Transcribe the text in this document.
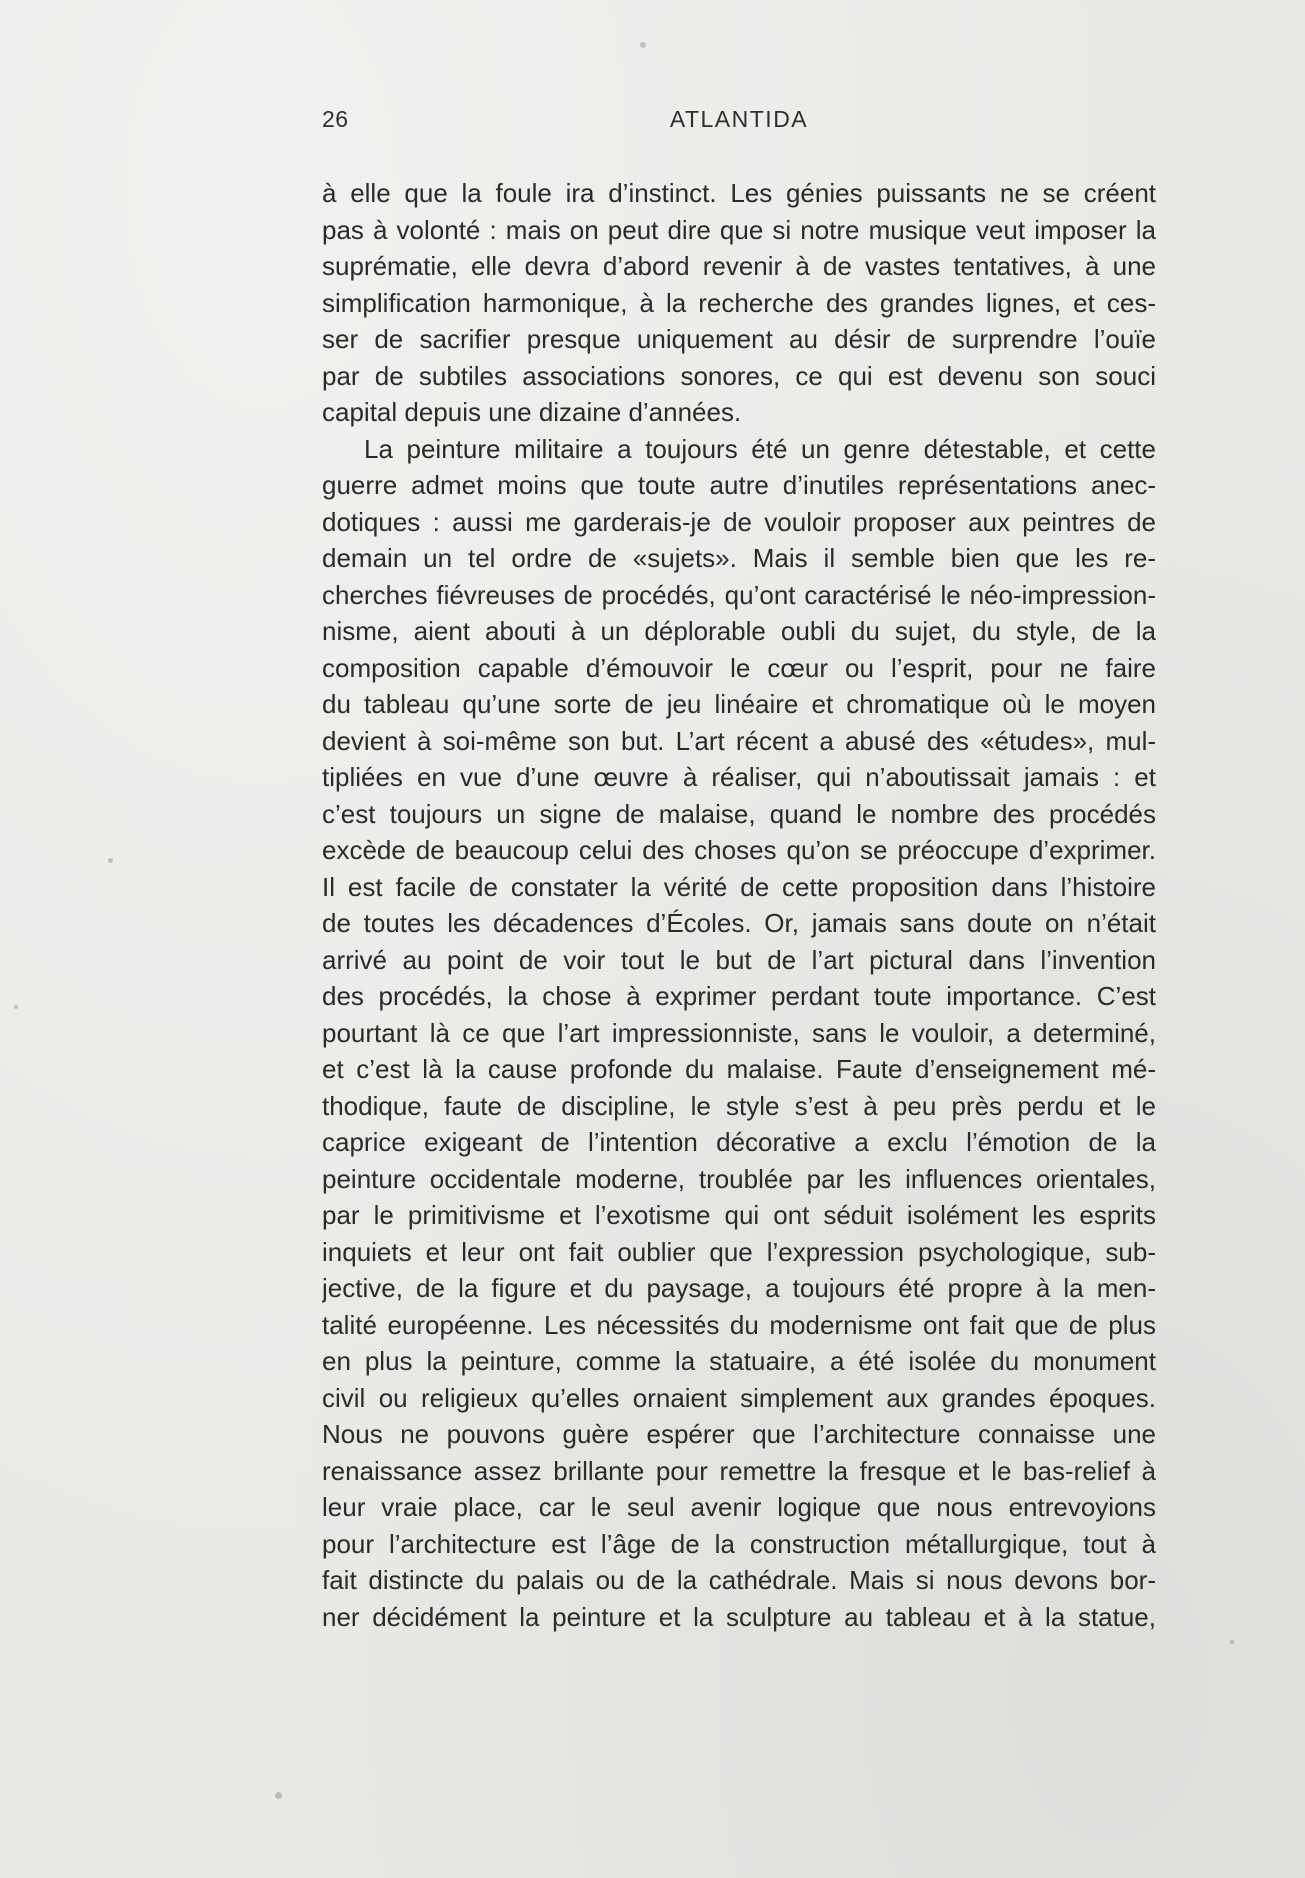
26	ATLANTIDA
à elle que la foule ira d’instinct. Les génies puissants ne se créent
pas à volonté : mais on peut dire que si notre musique veut imposer la
suprématie, elle devra d’abord revenir à de vastes tentatives, à une
simplification harmonique, à la recherche des grandes lignes, et ces-
ser de sacrifier presque uniquement au désir de surprendre l’ouïe
par de subtiles associations sonores, ce qui est devenu son souci
capital depuis une dizaine d’années.
La peinture militaire a toujours été un genre détestable, et cette
guerre admet moins que toute autre d’inutiles représentations anec-
dotiques : aussi me garderais-je de vouloir proposer aux peintres de
demain un tel ordre de «sujets». Mais il semble bien que les re-
cherches fiévreuses de procédés, qu’ont caractérisé le néo-impression-
nisme, aient abouti à un déplorable oubli du sujet, du style, de la
composition capable d’émouvoir le cœur ou l’esprit, pour ne faire
du tableau qu’une sorte de jeu linéaire et chromatique où le moyen
devient à soi-même son but. L’art récent a abusé des «études», mul-
tipliées en vue d’une œuvre à réaliser, qui n’aboutissait jamais : et
c’est toujours un signe de malaise, quand le nombre des procédés
excède de beaucoup celui des choses qu’on se préoccupe d’exprimer.
Il est facile de constater la vérité de cette proposition dans l’histoire
de toutes les décadences d’Écoles. Or, jamais sans doute on n’était
arrivé au point de voir tout le but de l’art pictural dans l’invention
des procédés, la chose à exprimer perdant toute importance. C’est
pourtant là ce que l’art impressionniste, sans le vouloir, a determiné,
et c’est là la cause profonde du malaise. Faute d’enseignement mé-
thodique, faute de discipline, le style s’est à peu près perdu et le
caprice exigeant de l’intention décorative a exclu l’émotion de la
peinture occidentale moderne, troublée par les influences orientales,
par le primitivisme et l’exotisme qui ont séduit isolément les esprits
inquiets et leur ont fait oublier que l’expression psychologique, sub-
jective, de la figure et du paysage, a toujours été propre à la men-
talité européenne. Les nécessités du modernisme ont fait que de plus
en plus la peinture, comme la statuaire, a été isolée du monument
civil ou religieux qu’elles ornaient simplement aux grandes époques.
Nous ne pouvons guère espérer que l’architecture connaisse une
renaissance assez brillante pour remettre la fresque et le bas-relief à
leur vraie place, car le seul avenir logique que nous entrevoyions
pour l’architecture est l’âge de la construction métallurgique, tout à
fait distincte du palais ou de la cathédrale. Mais si nous devons bor-
ner décidément la peinture et la sculpture au tableau et à la statue,
